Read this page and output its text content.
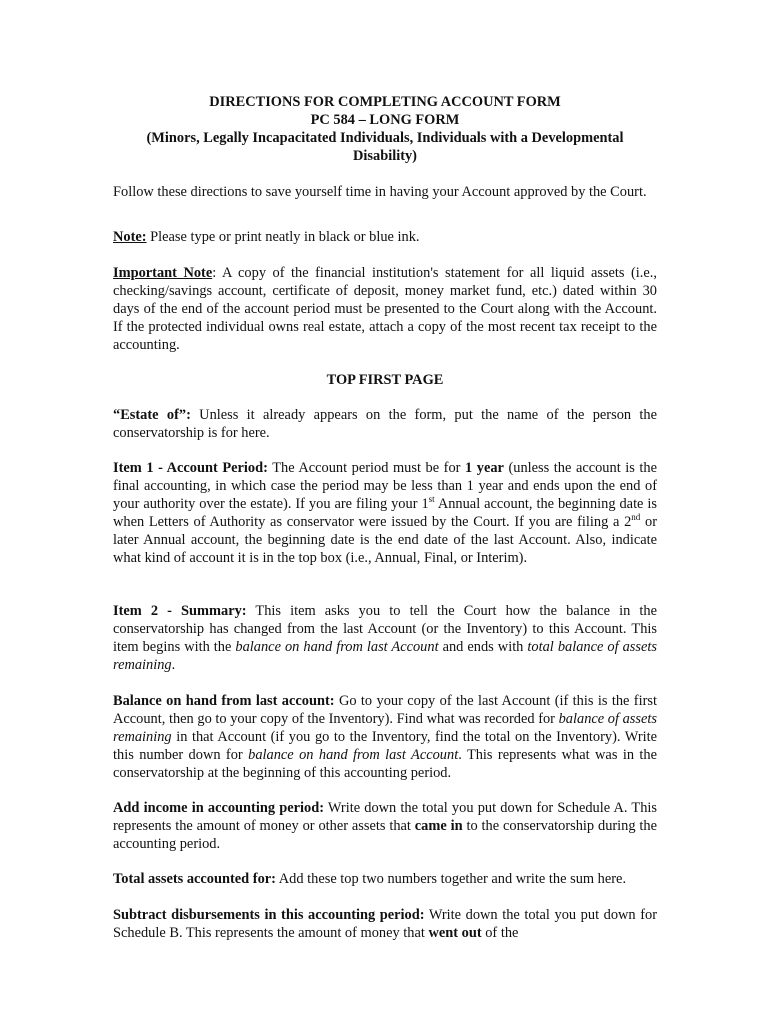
DIRECTIONS FOR COMPLETING ACCOUNT FORM
PC 584 – LONG FORM
(Minors, Legally Incapacitated Individuals, Individuals with a Developmental Disability)
Follow these directions to save yourself time in having your Account approved by the Court.
Note: Please type or print neatly in black or blue ink.
Important Note: A copy of the financial institution's statement for all liquid assets (i.e., checking/savings account, certificate of deposit, money market fund, etc.) dated within 30 days of the end of the account period must be presented to the Court along with the Account. If the protected individual owns real estate, attach a copy of the most recent tax receipt to the accounting.
TOP FIRST PAGE
“Estate of”: Unless it already appears on the form, put the name of the person the conservatorship is for here.
Item 1 - Account Period: The Account period must be for 1 year (unless the account is the final accounting, in which case the period may be less than 1 year and ends upon the end of your authority over the estate). If you are filing your 1st Annual account, the beginning date is when Letters of Authority as conservator were issued by the Court. If you are filing a 2nd or later Annual account, the beginning date is the end date of the last Account. Also, indicate what kind of account it is in the top box (i.e., Annual, Final, or Interim).
Item 2 - Summary: This item asks you to tell the Court how the balance in the conservatorship has changed from the last Account (or the Inventory) to this Account. This item begins with the balance on hand from last Account and ends with total balance of assets remaining.
Balance on hand from last account: Go to your copy of the last Account (if this is the first Account, then go to your copy of the Inventory). Find what was recorded for balance of assets remaining in that Account (if you go to the Inventory, find the total on the Inventory). Write this number down for balance on hand from last Account. This represents what was in the conservatorship at the beginning of this accounting period.
Add income in accounting period: Write down the total you put down for Schedule A. This represents the amount of money or other assets that came in to the conservatorship during the accounting period.
Total assets accounted for: Add these top two numbers together and write the sum here.
Subtract disbursements in this accounting period: Write down the total you put down for Schedule B. This represents the amount of money that went out of the
